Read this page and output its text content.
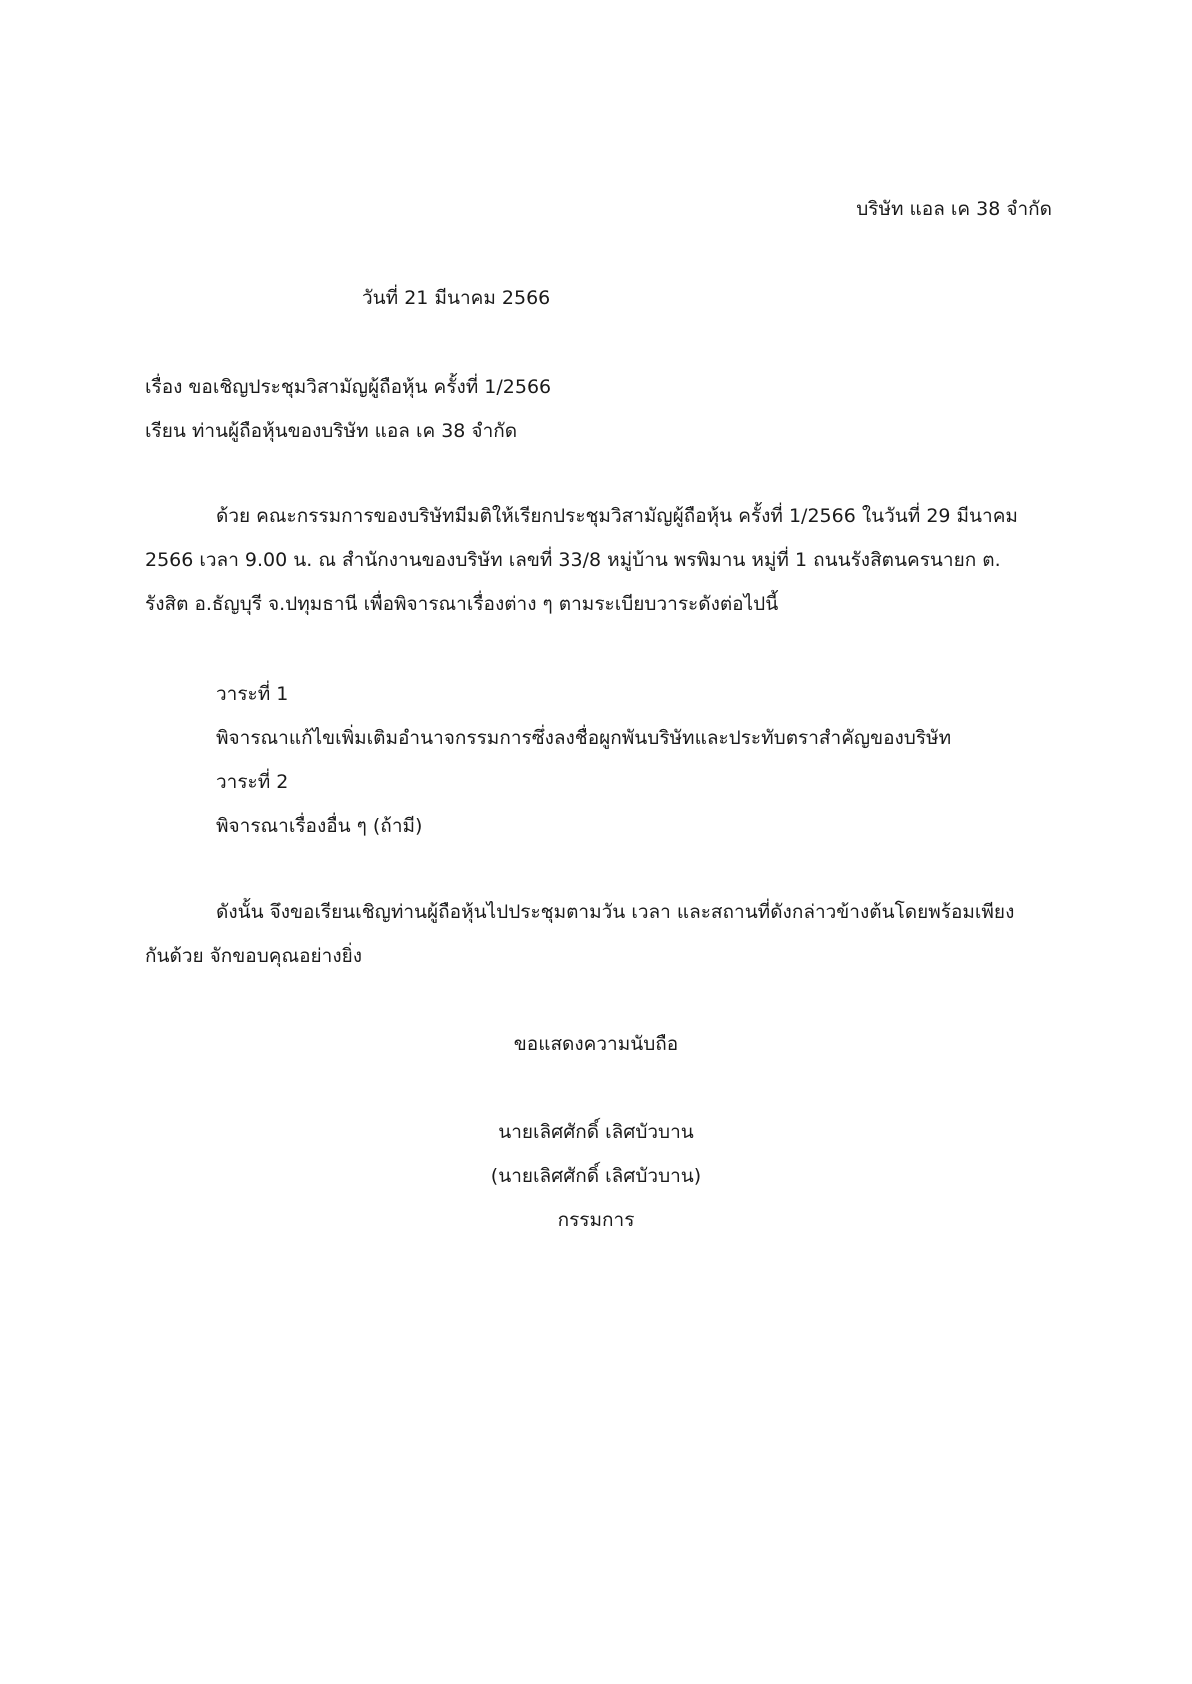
บริษัท แอล เค 38 จำกัด
วันที่ 21 มีนาคม 2566
เรื่อง ขอเชิญประชุมวิสามัญผู้ถือหุ้น ครั้งที่ 1/2566
เรียน ท่านผู้ถือหุ้นของบริษัท แอล เค 38 จำกัด
ด้วย คณะกรรมการของบริษัทมีมติให้เรียกประชุมวิสามัญผู้ถือหุ้น ครั้งที่ 1/2566 ในวันที่ 29 มีนาคม
2566 เวลา 9.00 น. ณ สำนักงานของบริษัท เลขที่ 33/8 หมู่บ้าน พรพิมาน หมู่ที่ 1 ถนนรังสิตนครนายก ต.
รังสิต อ.ธัญบุรี จ.ปทุมธานี เพื่อพิจารณาเรื่องต่าง ๆ ตามระเบียบวาระดังต่อไปนี้
วาระที่ 1
พิจารณาแก้ไขเพิ่มเติมอำนาจกรรมการซึ่งลงชื่อผูกพันบริษัทและประทับตราสำคัญของบริษัท
วาระที่ 2
พิจารณาเรื่องอื่น ๆ (ถ้ามี)
ดังนั้น จึงขอเรียนเชิญท่านผู้ถือหุ้นไปประชุมตามวัน เวลา และสถานที่ดังกล่าวข้างต้นโดยพร้อมเพียง
กันด้วย จักขอบคุณอย่างยิ่ง
ขอแสดงความนับถือ
นายเลิศศักดิ์ เลิศบัวบาน
(นายเลิศศักดิ์ เลิศบัวบาน)
กรรมการ
